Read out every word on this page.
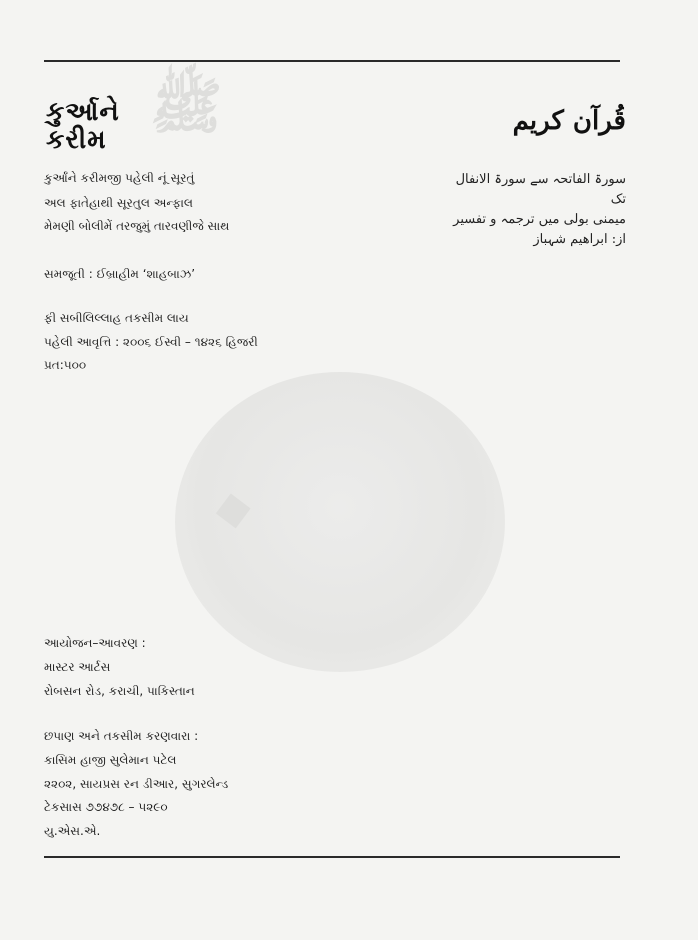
ﷺ
◆
કુર્આને
કરીમ
قُرآن کریم
سورۃ الفاتحہ سے سورۃ الانفال تک
میمنی بولی میں ترجمہ و تفسیر
از: ابراھیم شہباز
કુર્આંને કરીમજી પહેલી નૂં સૂરતું
અલ ફાતેહાથી સૂરતુલ અન્ફાલ
મેમણી બોલીમેં તરજુમું તારવણીજે સાથ
સમજૂતી : ઈબ્રાહીમ ‘શાહબાઝ’
ફી સબીલિલ્લાહ તકસીમ લાય
પહેલી આવૃત્તિ : ૨૦૦૬ ઈસ્વી – ૧૪૨૬ હિજરી
પ્રત:૫૦૦
આયોજન–આવરણ :
માસ્ટર આર્ટસ
રોબસન રોડ, કરાચી, પાકિસ્તાન
છપાણ અને તકસીમ કરણવારા :
કાસિમ હાજી સુલેમાન પટેલ
૨૨૦૨, સાયપ્રસ રન ડીઆર, સુગરલેન્ડ
ટેકસાસ ૭૭૪૭૮ – ૫૨૯૦
યુ.એસ.એ.
